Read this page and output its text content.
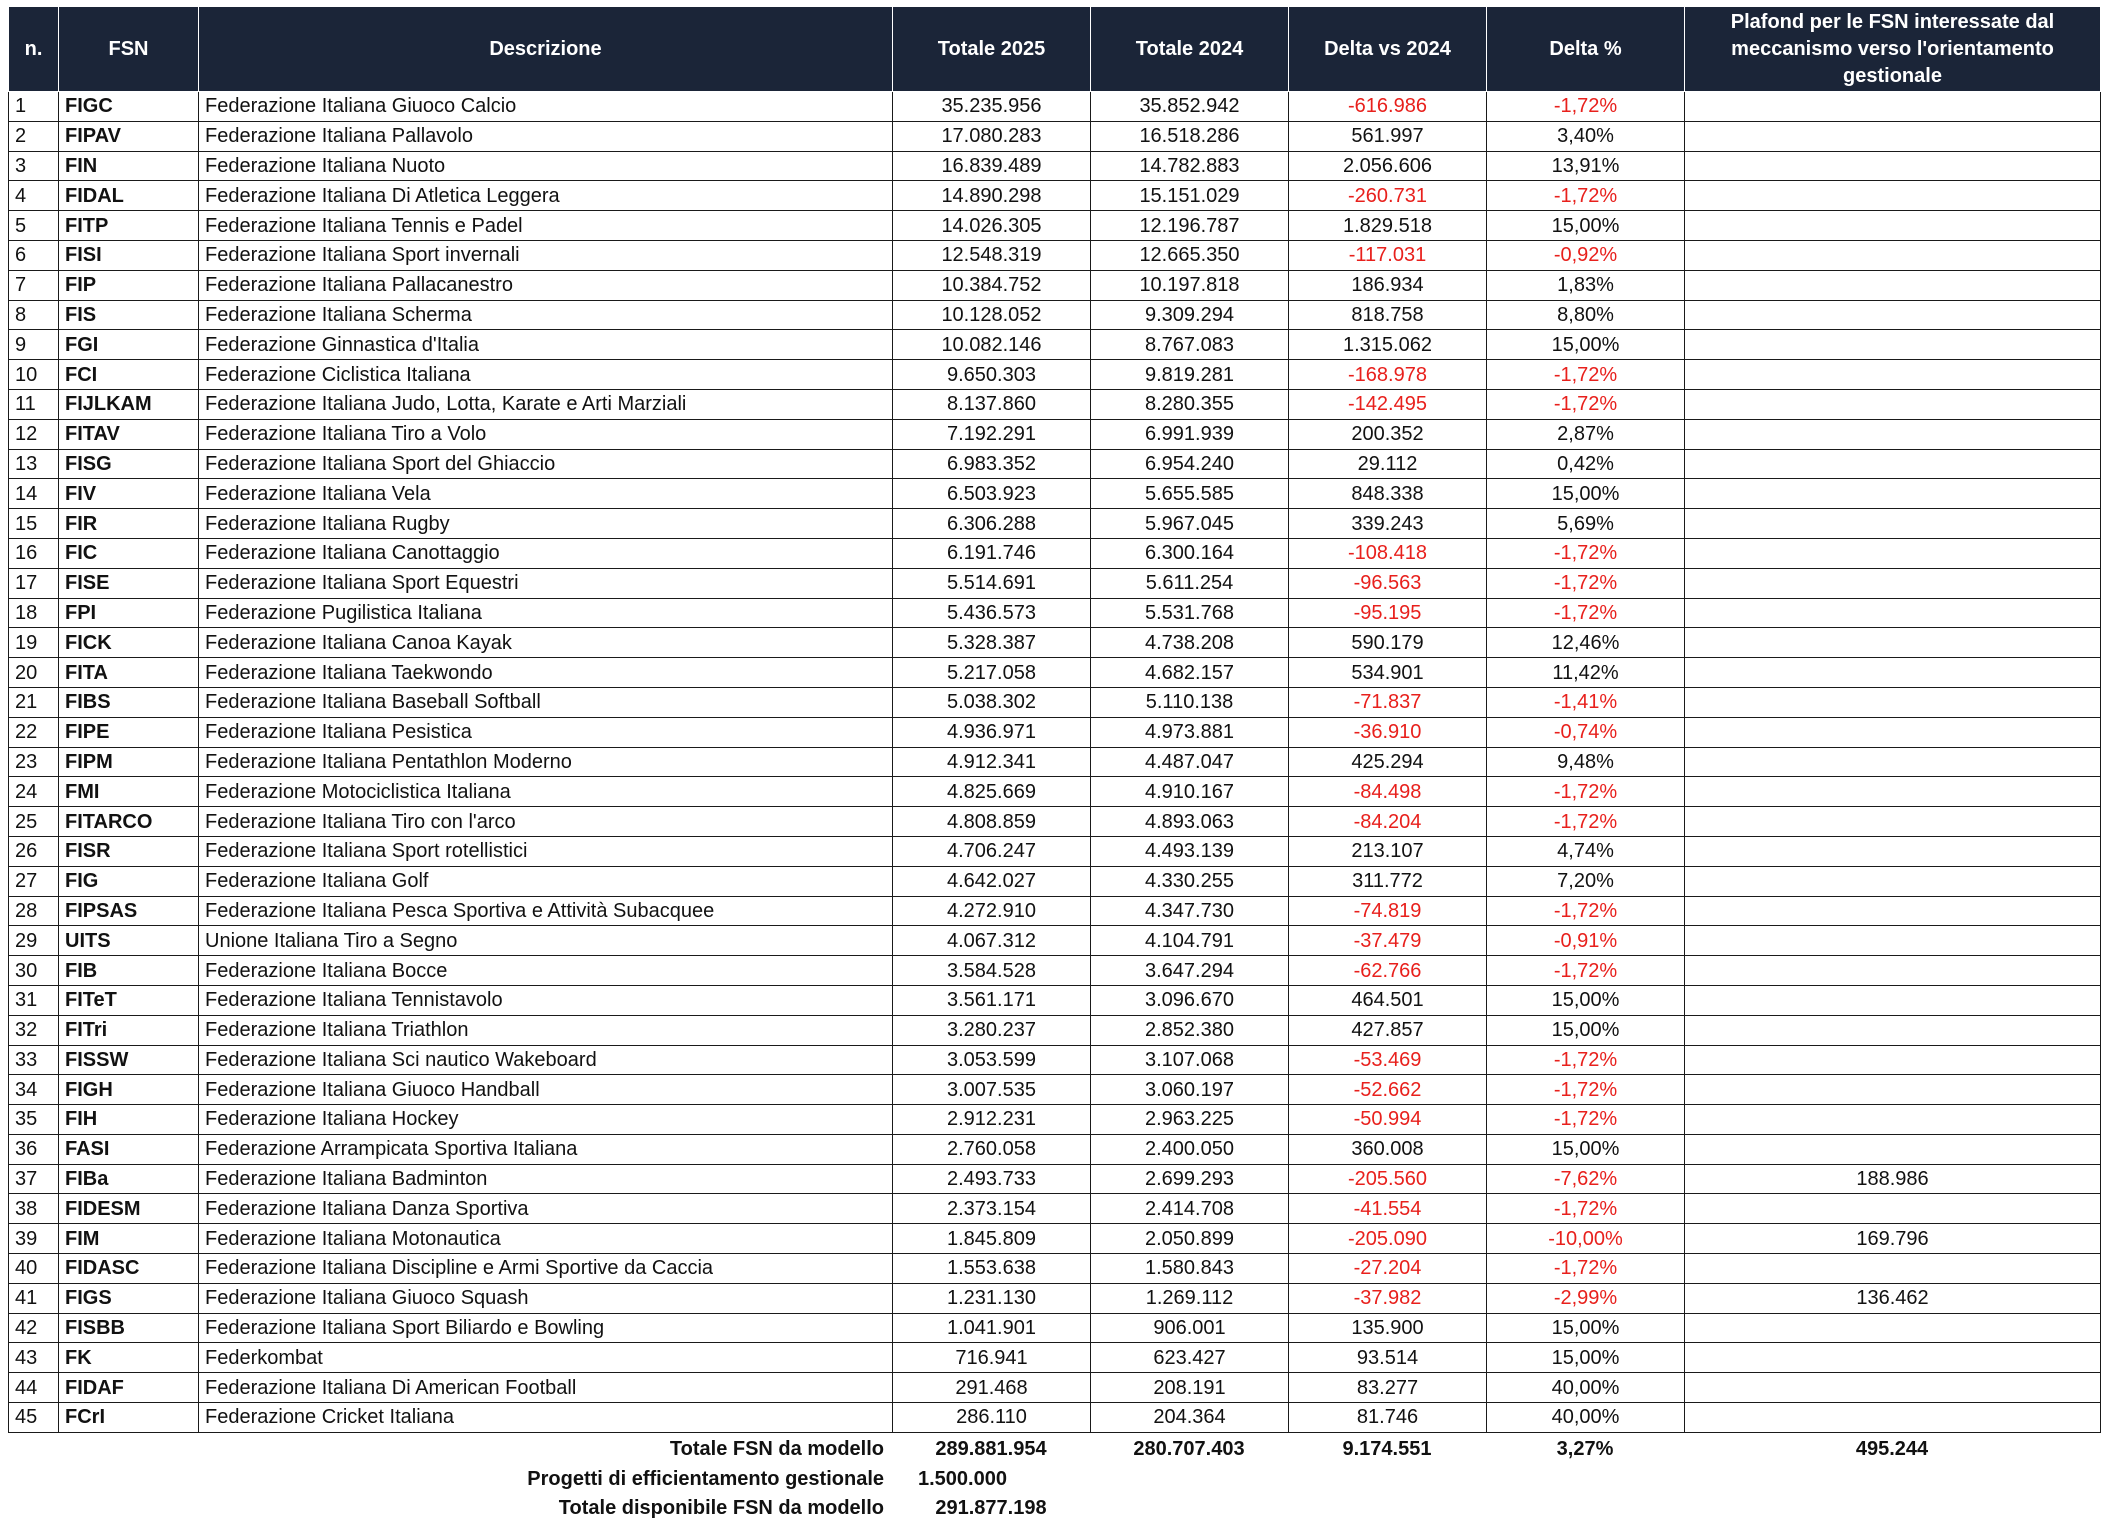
n.	FSN	Descrizione	Totale 2025	Totale 2024	Delta vs 2024	Delta %	Plafond per le FSN interessate dal meccanismo verso l'orientamento gestionale
1	FIGC	Federazione Italiana Giuoco Calcio	35.235.956	35.852.942	-616.986	-1,72%	
2	FIPAV	Federazione Italiana Pallavolo	17.080.283	16.518.286	561.997	3,40%	
3	FIN	Federazione Italiana Nuoto	16.839.489	14.782.883	2.056.606	13,91%	
4	FIDAL	Federazione Italiana Di Atletica Leggera	14.890.298	15.151.029	-260.731	-1,72%	
5	FITP	Federazione Italiana Tennis e Padel	14.026.305	12.196.787	1.829.518	15,00%	
6	FISI	Federazione Italiana Sport invernali	12.548.319	12.665.350	-117.031	-0,92%	
7	FIP	Federazione Italiana Pallacanestro	10.384.752	10.197.818	186.934	1,83%	
8	FIS	Federazione Italiana Scherma	10.128.052	9.309.294	818.758	8,80%	
9	FGI	Federazione Ginnastica d'Italia	10.082.146	8.767.083	1.315.062	15,00%	
10	FCI	Federazione Ciclistica Italiana	9.650.303	9.819.281	-168.978	-1,72%	
11	FIJLKAM	Federazione Italiana Judo, Lotta, Karate e Arti Marziali	8.137.860	8.280.355	-142.495	-1,72%	
12	FITAV	Federazione Italiana Tiro a Volo	7.192.291	6.991.939	200.352	2,87%	
13	FISG	Federazione Italiana Sport del Ghiaccio	6.983.352	6.954.240	29.112	0,42%	
14	FIV	Federazione Italiana Vela	6.503.923	5.655.585	848.338	15,00%	
15	FIR	Federazione Italiana Rugby	6.306.288	5.967.045	339.243	5,69%	
16	FIC	Federazione Italiana Canottaggio	6.191.746	6.300.164	-108.418	-1,72%	
17	FISE	Federazione Italiana Sport Equestri	5.514.691	5.611.254	-96.563	-1,72%	
18	FPI	Federazione Pugilistica Italiana	5.436.573	5.531.768	-95.195	-1,72%	
19	FICK	Federazione Italiana Canoa Kayak	5.328.387	4.738.208	590.179	12,46%	
20	FITA	Federazione Italiana Taekwondo	5.217.058	4.682.157	534.901	11,42%	
21	FIBS	Federazione Italiana Baseball Softball	5.038.302	5.110.138	-71.837	-1,41%	
22	FIPE	Federazione Italiana Pesistica	4.936.971	4.973.881	-36.910	-0,74%	
23	FIPM	Federazione Italiana Pentathlon Moderno	4.912.341	4.487.047	425.294	9,48%	
24	FMI	Federazione Motociclistica Italiana	4.825.669	4.910.167	-84.498	-1,72%	
25	FITARCO	Federazione Italiana Tiro con l'arco	4.808.859	4.893.063	-84.204	-1,72%	
26	FISR	Federazione Italiana Sport rotellistici	4.706.247	4.493.139	213.107	4,74%	
27	FIG	Federazione Italiana Golf	4.642.027	4.330.255	311.772	7,20%	
28	FIPSAS	Federazione Italiana Pesca Sportiva e Attività Subacquee	4.272.910	4.347.730	-74.819	-1,72%	
29	UITS	Unione Italiana Tiro a Segno	4.067.312	4.104.791	-37.479	-0,91%	
30	FIB	Federazione Italiana Bocce	3.584.528	3.647.294	-62.766	-1,72%	
31	FITeT	Federazione Italiana Tennistavolo	3.561.171	3.096.670	464.501	15,00%	
32	FITri	Federazione Italiana Triathlon	3.280.237	2.852.380	427.857	15,00%	
33	FISSW	Federazione Italiana Sci nautico Wakeboard	3.053.599	3.107.068	-53.469	-1,72%	
34	FIGH	Federazione Italiana Giuoco Handball	3.007.535	3.060.197	-52.662	-1,72%	
35	FIH	Federazione Italiana Hockey	2.912.231	2.963.225	-50.994	-1,72%	
36	FASI	Federazione Arrampicata Sportiva Italiana	2.760.058	2.400.050	360.008	15,00%	
37	FIBa	Federazione Italiana Badminton	2.493.733	2.699.293	-205.560	-7,62%	188.986
38	FIDESM	Federazione Italiana Danza Sportiva	2.373.154	2.414.708	-41.554	-1,72%	
39	FIM	Federazione Italiana Motonautica	1.845.809	2.050.899	-205.090	-10,00%	169.796
40	FIDASC	Federazione Italiana Discipline e Armi Sportive da Caccia	1.553.638	1.580.843	-27.204	-1,72%	
41	FIGS	Federazione Italiana Giuoco Squash	1.231.130	1.269.112	-37.982	-2,99%	136.462
42	FISBB	Federazione Italiana Sport Biliardo e Bowling	1.041.901	906.001	135.900	15,00%	
43	FK	Federkombat	716.941	623.427	93.514	15,00%	
44	FIDAF	Federazione Italiana Di American Football	291.468	208.191	83.277	40,00%	
45	FCrI	Federazione Cricket Italiana	286.110	204.364	81.746	40,00%	
Totale FSN da modello	289.881.954	280.707.403	9.174.551	3,27%	495.244
Progetti di efficientamento gestionale	1.500.000				
Totale disponibile FSN da modello	291.877.198				
